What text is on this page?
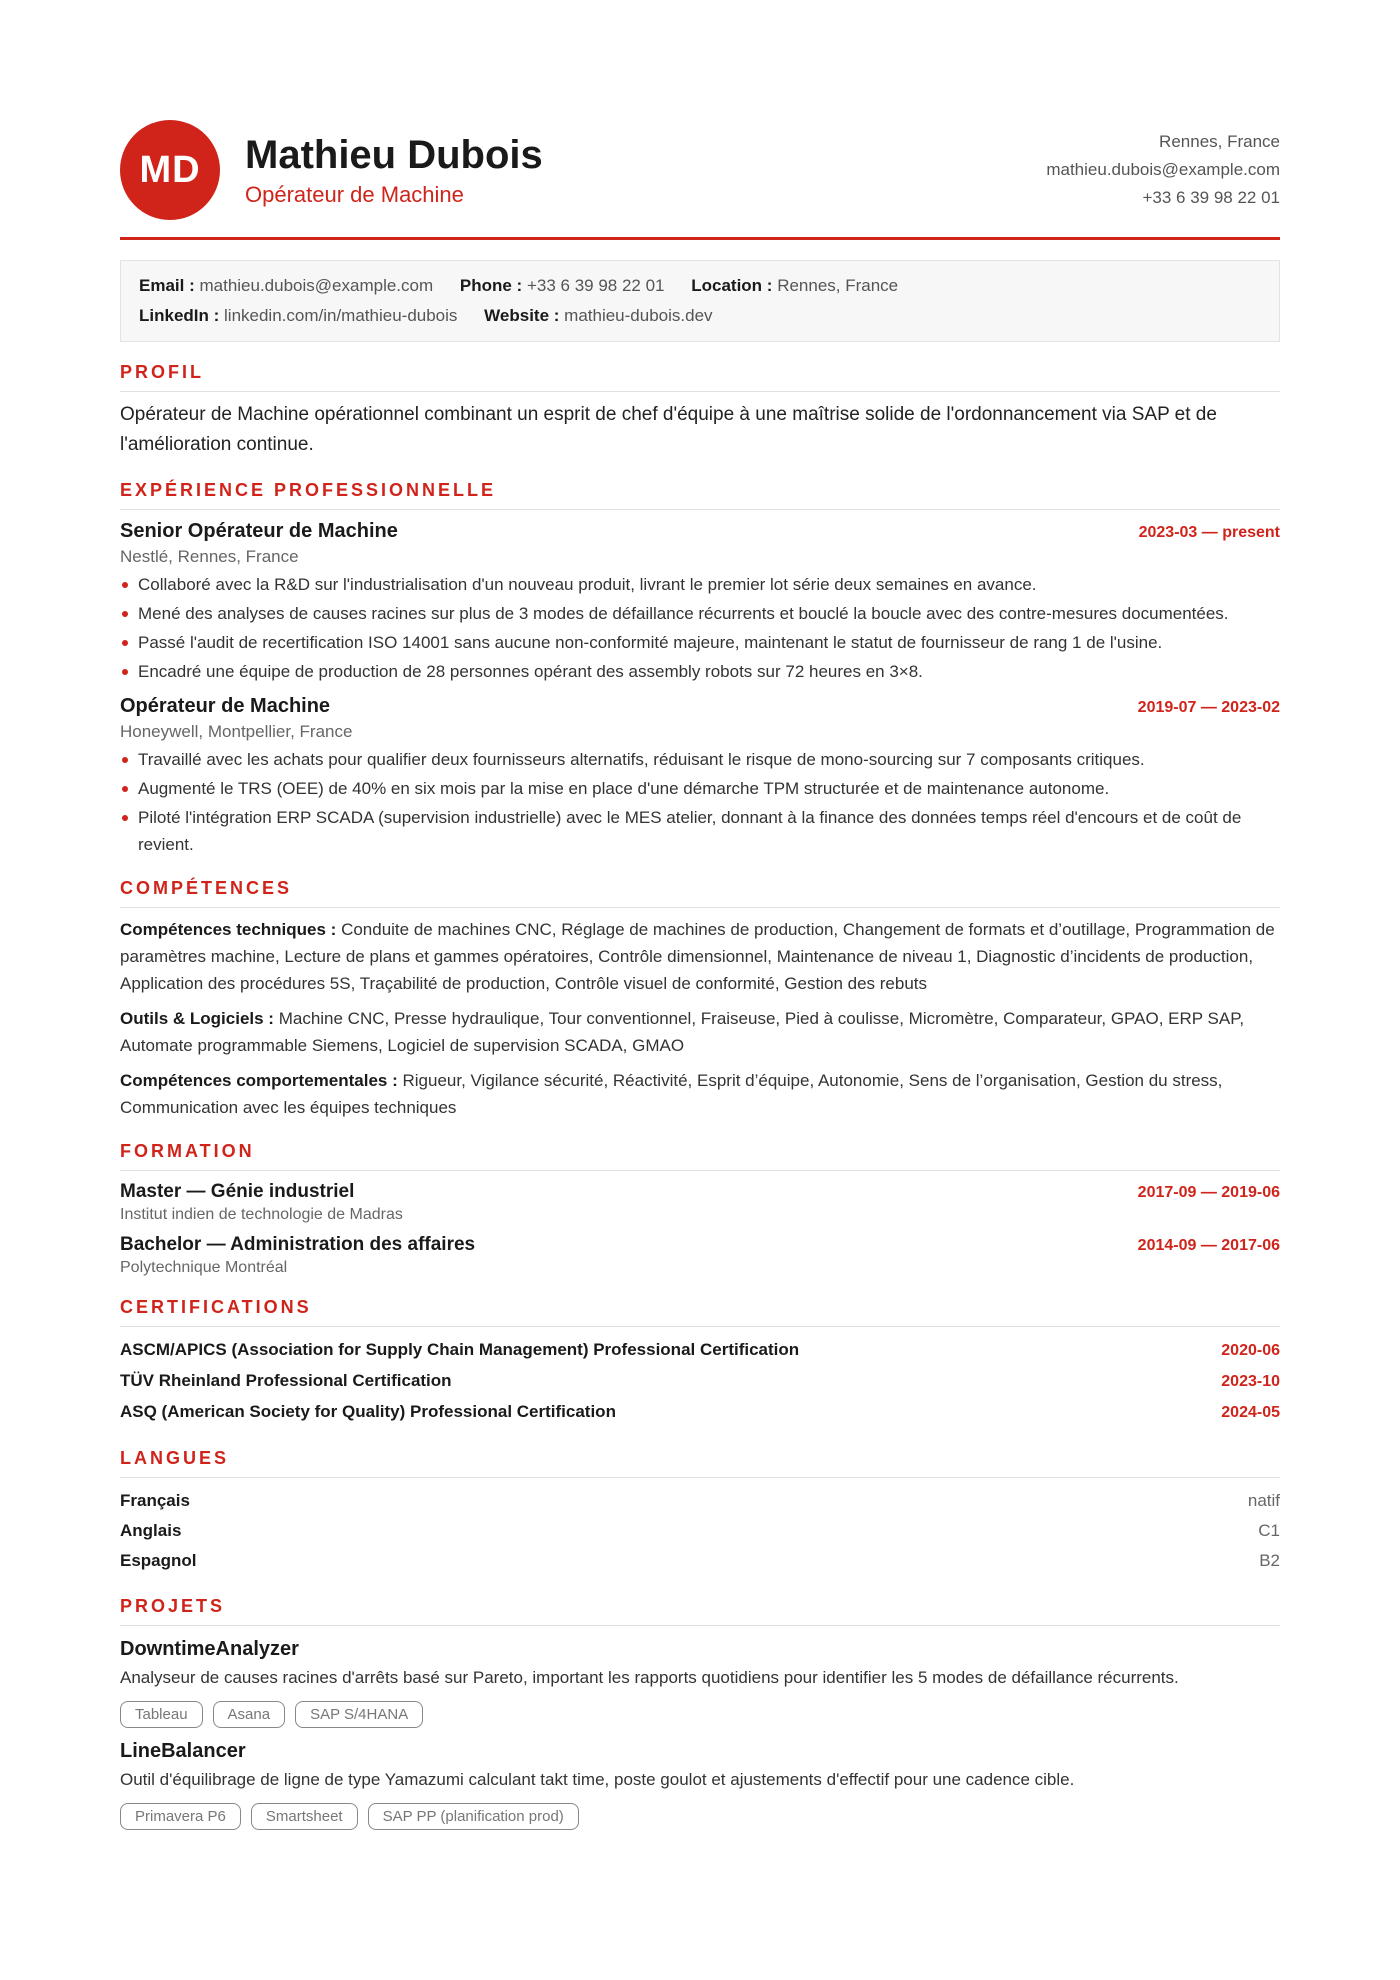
MD	Mathieu Dubois
Opérateur de Machine
Rennes, France
mathieu.dubois@example.com
+33 6 39 98 22 01
Email : mathieu.dubois@example.com Phone : +33 6 39 98 22 01 Location : Rennes, France
LinkedIn : linkedin.com/in/mathieu-dubois Website : mathieu-dubois.dev
PROFIL
Opérateur de Machine opérationnel combinant un esprit de chef d'équipe à une maîtrise solide de l'ordonnancement via SAP et de l'amélioration continue.
EXPÉRIENCE PROFESSIONNELLE
Senior Opérateur de Machine	2023-03 — present
Nestlé, Rennes, France
Collaboré avec la R&D sur l'industrialisation d'un nouveau produit, livrant le premier lot série deux semaines en avance.
Mené des analyses de causes racines sur plus de 3 modes de défaillance récurrents et bouclé la boucle avec des contre-mesures documentées.
Passé l'audit de recertification ISO 14001 sans aucune non-conformité majeure, maintenant le statut de fournisseur de rang 1 de l'usine.
Encadré une équipe de production de 28 personnes opérant des assembly robots sur 72 heures en 3×8.
Opérateur de Machine	2019-07 — 2023-02
Honeywell, Montpellier, France
Travaillé avec les achats pour qualifier deux fournisseurs alternatifs, réduisant le risque de mono-sourcing sur 7 composants critiques.
Augmenté le TRS (OEE) de 40% en six mois par la mise en place d'une démarche TPM structurée et de maintenance autonome.
Piloté l'intégration ERP SCADA (supervision industrielle) avec le MES atelier, donnant à la finance des données temps réel d'encours et de coût de revient.
COMPÉTENCES
Compétences techniques : Conduite de machines CNC, Réglage de machines de production, Changement de formats et d’outillage, Programmation de paramètres machine, Lecture de plans et gammes opératoires, Contrôle dimensionnel, Maintenance de niveau 1, Diagnostic d’incidents de production, Application des procédures 5S, Traçabilité de production, Contrôle visuel de conformité, Gestion des rebuts
Outils & Logiciels : Machine CNC, Presse hydraulique, Tour conventionnel, Fraiseuse, Pied à coulisse, Micromètre, Comparateur, GPAO, ERP SAP, Automate programmable Siemens, Logiciel de supervision SCADA, GMAO
Compétences comportementales : Rigueur, Vigilance sécurité, Réactivité, Esprit d’équipe, Autonomie, Sens de l’organisation, Gestion du stress, Communication avec les équipes techniques
FORMATION
Master — Génie industriel	2017-09 — 2019-06
Institut indien de technologie de Madras
Bachelor — Administration des affaires	2014-09 — 2017-06
Polytechnique Montréal
CERTIFICATIONS
ASCM/APICS (Association for Supply Chain Management) Professional Certification	2020-06
TÜV Rheinland Professional Certification	2023-10
ASQ (American Society for Quality) Professional Certification	2024-05
LANGUES
Français	natif
Anglais	C1
Espagnol	B2
PROJETS
DowntimeAnalyzer
Analyseur de causes racines d'arrêts basé sur Pareto, important les rapports quotidiens pour identifier les 5 modes de défaillance récurrents.
Tableau	Asana	SAP S/4HANA
LineBalancer
Outil d'équilibrage de ligne de type Yamazumi calculant takt time, poste goulot et ajustements d'effectif pour une cadence cible.
Primavera P6	Smartsheet	SAP PP (planification prod)
